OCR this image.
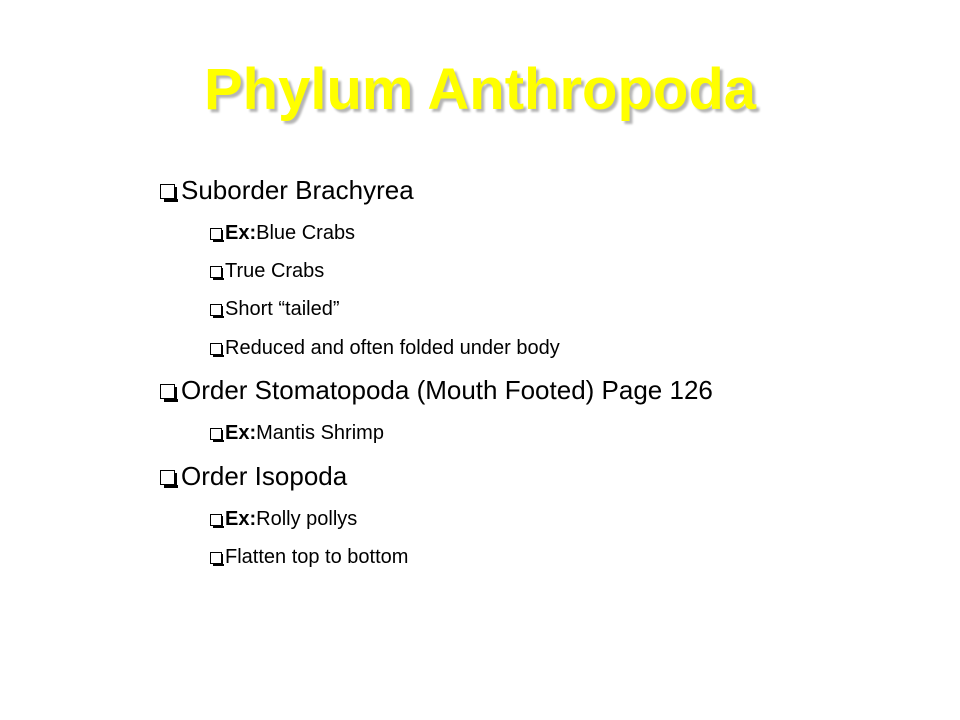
Phylum Anthropoda
Suborder Brachyrea
Ex: Blue Crabs
True Crabs
Short “tailed”
Reduced and often folded under body
Order Stomatopoda (Mouth Footed) Page 126
Ex: Mantis Shrimp
Order Isopoda
Ex: Rolly pollys
Flatten top to bottom
